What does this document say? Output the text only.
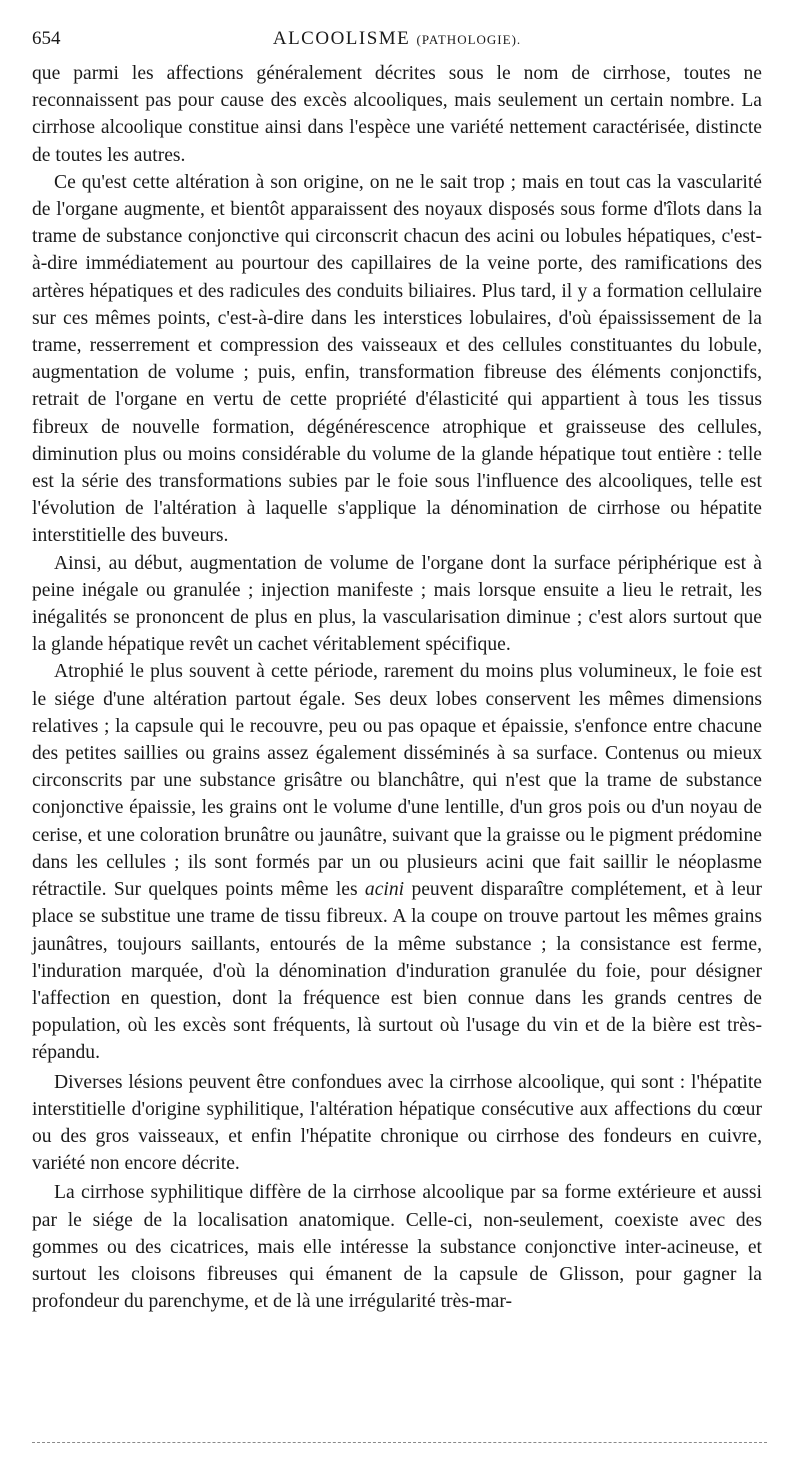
654	ALCOOLISME (PATHOLOGIE).

que parmi les affections généralement décrites sous le nom de cirrhose, toutes ne reconnaissent pas pour cause des excès alcooliques, mais seulement un certain nombre. La cirrhose alcoolique constitue ainsi dans l'espèce une variété nettement caractérisée, distincte de toutes les autres.

Ce qu'est cette altération à son origine, on ne le sait trop ; mais en tout cas la vascularité de l'organe augmente, et bientôt apparaissent des noyaux disposés sous forme d'îlots dans la trame de substance conjonctive qui circonscrit chacun des acini ou lobules hépatiques, c'est-à-dire immédiatement au pourtour des capillaires de la veine porte, des ramifications des artères hépatiques et des radicules des conduits biliaires. Plus tard, il y a formation cellulaire sur ces mêmes points, c'est-à-dire dans les interstices lobulaires, d'où épaississement de la trame, resserrement et compression des vaisseaux et des cellules constituantes du lobule, augmentation de volume ; puis, enfin, transformation fibreuse des éléments conjonctifs, retrait de l'organe en vertu de cette propriété d'élasticité qui appartient à tous les tissus fibreux de nouvelle formation, dégénérescence atrophique et graisseuse des cellules, diminution plus ou moins considérable du volume de la glande hépatique tout entière : telle est la série des transformations subies par le foie sous l'influence des alcooliques, telle est l'évolution de l'altération à laquelle s'applique la dénomination de cirrhose ou hépatite interstitielle des buveurs.

Ainsi, au début, augmentation de volume de l'organe dont la surface périphérique est à peine inégale ou granulée ; injection manifeste ; mais lorsque ensuite a lieu le retrait, les inégalités se prononcent de plus en plus, la vascularisation diminue ; c'est alors surtout que la glande hépatique revêt un cachet véritablement spécifique.

Atrophié le plus souvent à cette période, rarement du moins plus volumineux, le foie est le siége d'une altération partout égale. Ses deux lobes conservent les mêmes dimensions relatives ; la capsule qui le recouvre, peu ou pas opaque et épaissie, s'enfonce entre chacune des petites saillies ou grains assez également disséminés à sa surface. Contenus ou mieux circonscrits par une substance grisâtre ou blanchâtre, qui n'est que la trame de substance conjonctive épaissie, les grains ont le volume d'une lentille, d'un gros pois ou d'un noyau de cerise, et une coloration brunâtre ou jaunâtre, suivant que la graisse ou le pigment prédomine dans les cellules ; ils sont formés par un ou plusieurs acini que fait saillir le néoplasme rétractile. Sur quelques points même les acini peuvent disparaître complétement, et à leur place se substitue une trame de tissu fibreux. A la coupe on trouve partout les mêmes grains jaunâtres, toujours saillants, entourés de la même substance ; la consistance est ferme, l'induration marquée, d'où la dénomination d'induration granulée du foie, pour désigner l'affection en question, dont la fréquence est bien connue dans les grands centres de population, où les excès sont fréquents, là surtout où l'usage du vin et de la bière est très-répandu.

Diverses lésions peuvent être confondues avec la cirrhose alcoolique, qui sont : l'hépatite interstitielle d'origine syphilitique, l'altération hépatique consécutive aux affections du cœur ou des gros vaisseaux, et enfin l'hépatite chronique ou cirrhose des fondeurs en cuivre, variété non encore décrite.

La cirrhose syphilitique diffère de la cirrhose alcoolique par sa forme extérieure et aussi par le siége de la localisation anatomique. Celle-ci, non-seulement, coexiste avec des gommes ou des cicatrices, mais elle intéresse la substance conjonctive inter-acineuse, et surtout les cloisons fibreuses qui émanent de la capsule de Glisson, pour gagner la profondeur du parenchyme, et de là une irrégularité très-mar-
